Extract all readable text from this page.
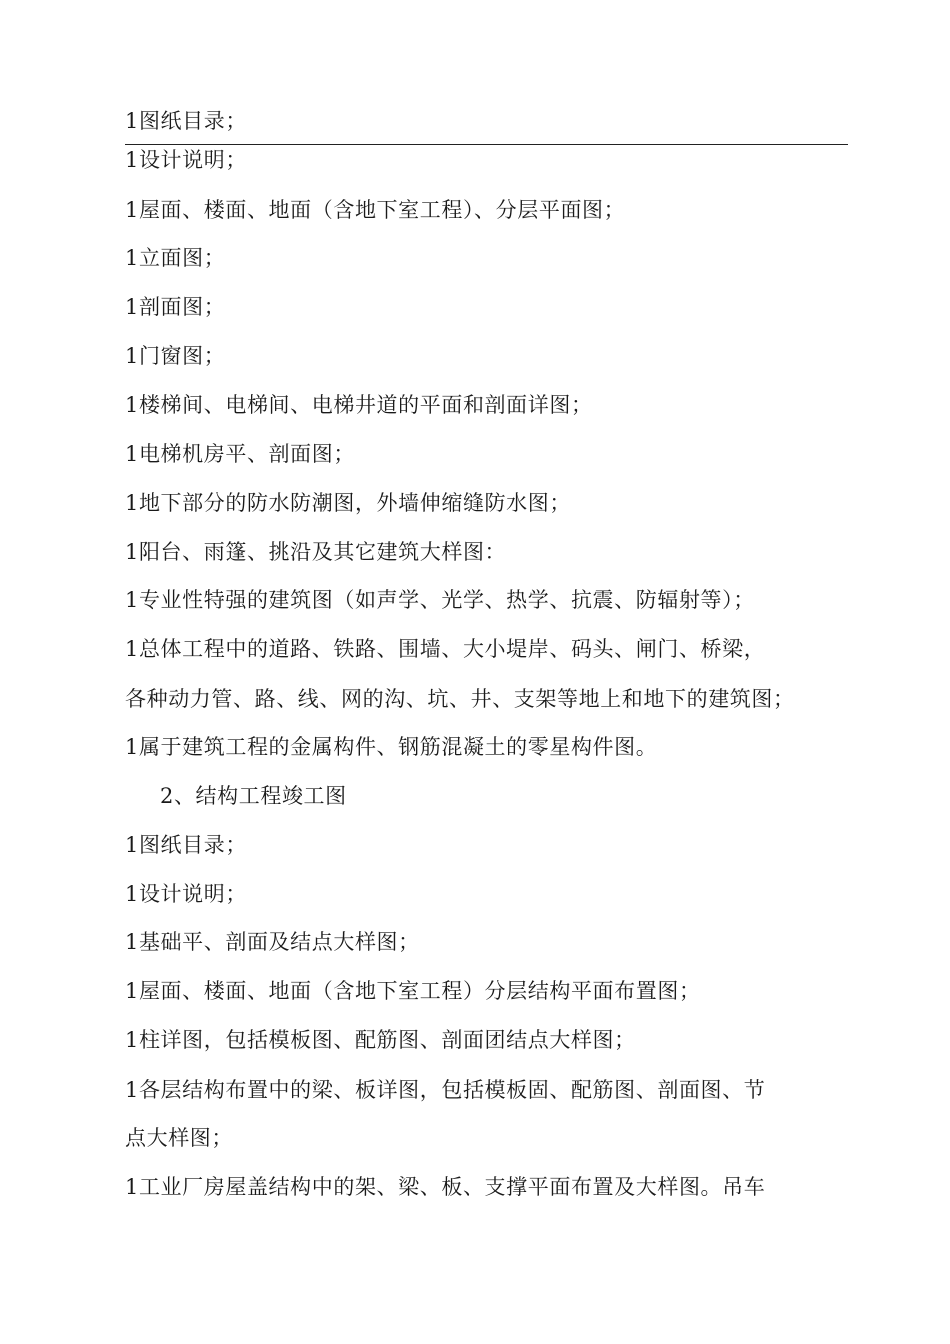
1图纸目录；
1设计说明；
1屋面、楼面、地面（含地下室工程）、分层平面图；
1立面图；
1剖面图；
1门窗图；
1楼梯间、电梯间、电梯井道的平面和剖面详图；
1电梯机房平、剖面图；
1地下部分的防水防潮图，外墙伸缩缝防水图；
1阳台、雨篷、挑沿及其它建筑大样图：
1专业性特强的建筑图（如声学、光学、热学、抗震、防辐射等）；
1总体工程中的道路、铁路、围墙、大小堤岸、码头、闸门、桥梁，
各种动力管、路、线、网的沟、坑、井、支架等地上和地下的建筑图；
1属于建筑工程的金属构件、钢筋混凝土的零星构件图。
2、结构工程竣工图
1图纸目录；
1设计说明；
1基础平、剖面及结点大样图；
1屋面、楼面、地面（含地下室工程）分层结构平面布置图；
1柱详图，包括模板图、配筋图、剖面团结点大样图；
1各层结构布置中的梁、板详图，包括模板固、配筋图、剖面图、节
点大样图；
1工业厂房屋盖结构中的架、梁、板、支撑平面布置及大样图。吊车
